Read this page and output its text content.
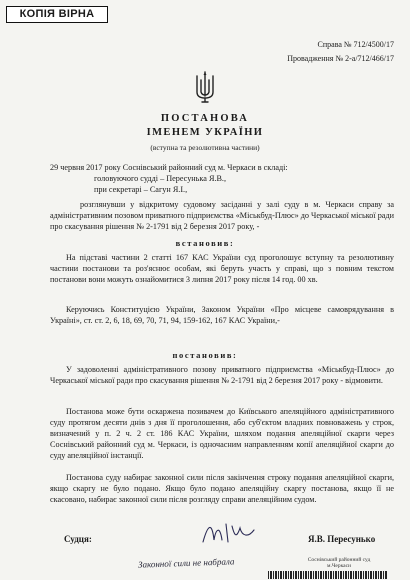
КОПІЯ ВІРНА
Справа № 712/4500/17
Провадження № 2-а/712/466/17
ПОСТАНОВА
ІМЕНЕМ УКРАЇНИ
(вступна та резолютивна частини)
29 червня 2017 року Соснівський районний суд м. Черкаси в складі:
головуючого судді – Пересунька Я.В.,
при секретарі – Сагун Я.І.,
розглянувши у відкритому судовому засіданні у залі суду в м. Черкаси справу за адміністративним позовом приватного підприємства «Міськбуд-Плюс» до Черкаської міської ради про скасування рішення № 2-1791 від 2 березня 2017 року, -
встановив:
На підставі частини 2 статті 167 КАС України суд проголошує вступну та резолютивну частини постанови та роз'яснює особам, які беруть участь у справі, що з повним текстом постанови вони можуть ознайомитися 3 липня 2017 року після 14 год. 00 хв.
Керуючись Конституцією України, Законом України «Про місцеве самоврядування в Україні», ст. ст. 2, 6, 18, 69, 70, 71, 94, 159-162, 167 КАС України,-
постановив:
У задоволенні адміністративного позову приватного підприємства «Міськбуд-Плюс» до Черкаської міської ради про скасування рішення № 2-1791 від 2 березня 2017 року - відмовити.
Постанова може бути оскаржена позивачем до Київського апеляційного адміністративного суду протягом десяти днів з дня її проголошення, або суб'єктом владних повноважень у строк, визначений у п. 2 ч. 2 ст. 186 КАС України, шляхом подання апеляційної скарги через Соснівський районний суд м. Черкаси, із одночасним направленням копії апеляційної скарги до суду апеляційної інстанції.
Постанова суду набирає законної сили після закінчення строку подання апеляційної скарги, якщо скаргу не було подано. Якщо було подано апеляційну скаргу постанова, якщо її не скасовано, набирає законної сили після розгляду справи апеляційним судом.
Судця:	Я.В. Пересунько
Законної сили не набрала	Соснівський районний суд
м.Черкаси
